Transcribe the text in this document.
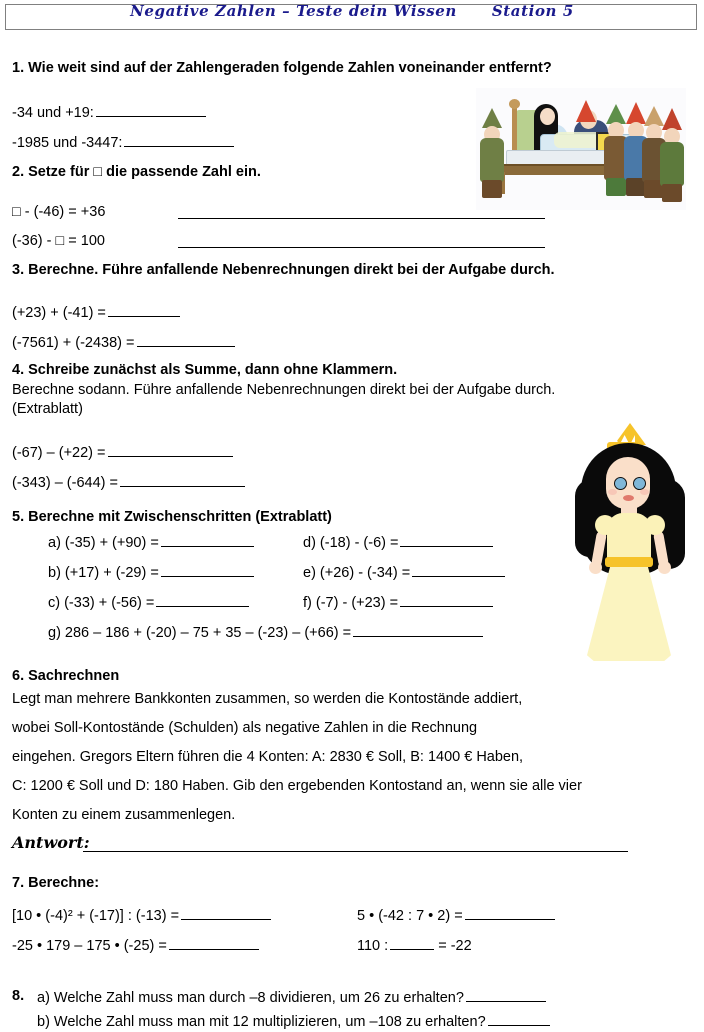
Negative Zahlen – Teste dein Wissen      Station 5
1. Wie weit sind auf der Zahlengeraden folgende Zahlen voneinander entfernt?
-34 und +19:
-1985 und -3447:
2. Setze für □ die passende Zahl ein.
□ - (-46) = +36
(-36) - □ = 100
3. Berechne. Führe anfallende Nebenrechnungen direkt bei der Aufgabe durch.
(+23) + (-41) =
(-7561) + (-2438) =
4. Schreibe zunächst als Summe, dann ohne Klammern.
Berechne sodann. Führe anfallende Nebenrechnungen direkt bei der Aufgabe durch.(Extrablatt)
(-67) – (+22) =
(-343) – (-644) =
5. Berechne mit Zwischenschritten (Extrablatt)
a) (-35) + (+90) =
b) (+17) + (-29) =
c) (-33) + (-56) =
d) (-18) - (-6) =
e) (+26) - (-34) =
f) (-7) - (+23) =
g) 286 – 186 + (-20) – 75 + 35 – (-23) – (+66) =
6. Sachrechnen
Legt man mehrere Bankkonten zusammen, so werden die Kontostände addiert,
wobei Soll-Kontostände (Schulden) als negative Zahlen in die Rechnung
eingehen. Gregors Eltern führen die 4 Konten: A: 2830 € Soll, B: 1400 € Haben,
C: 1200 € Soll und D: 180 Haben. Gib den ergebenden Kontostand an, wenn sie alle vier
Konten zu einem zusammenlegen.
Antwort:
7. Berechne:
[10 • (-4)² + (-17)] : (-13) =	5 • (-42 : 7 • 2) =
-25 • 179 – 175 • (-25) =	110 :	= -22
8. a) Welche Zahl muss man durch –8 dividieren, um 26 zu erhalten?
b) Welche Zahl muss man mit 12 multiplizieren, um –108 zu erhalten?
